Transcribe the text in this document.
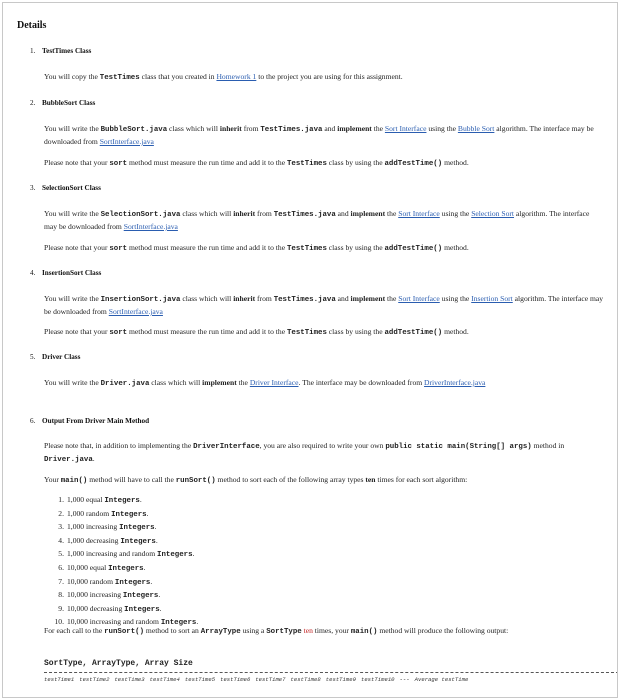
Details
1. TestTimes Class
You will copy the TestTimes class that you created in Homework 1 to the project you are using for this assignment.
2. BubbleSort Class
You will write the BubbleSort.java class which will inherit from TestTimes.java and implement the Sort Interface using the Bubble Sort algorithm. The interface may be downloaded from SortInterface.java
Please note that your sort method must measure the run time and add it to the TestTimes class by using the addTestTime() method.
3. SelectionSort Class
You will write the SelectionSort.java class which will inherit from TestTimes.java and implement the Sort Interface using the Selection Sort algorithm. The interface may be downloaded from SortInterface.java
Please note that your sort method must measure the run time and add it to the TestTimes class by using the addTestTime() method.
4. InsertionSort Class
You will write the InsertionSort.java class which will inherit from TestTimes.java and implement the Sort Interface using the Insertion Sort algorithm. The interface may be downloaded from SortInterface.java
Please note that your sort method must measure the run time and add it to the TestTimes class by using the addTestTime() method.
5. Driver Class
You will write the Driver.java class which will implement the Driver Interface. The interface may be downloaded from DriverInterface.java
6. Output From Driver Main Method
Please note that, in addition to implementing the DriverInterface, you are also required to write your own public static main(String[] args) method in Driver.java.
Your main() method will have to call the runSort() method to sort each of the following array types ten times for each sort algorithm:
1. 1,000 equal Integers.
2. 1,000 random Integers.
3. 1,000 increasing Integers.
4. 1,000 decreasing Integers.
5. 1,000 increasing and random Integers.
6. 10,000 equal Integers.
7. 10,000 random Integers.
8. 10,000 increasing Integers.
9. 10,000 decreasing Integers.
10. 10,000 increasing and random Integers.
For each call to the runSort() method to sort an ArrayType using a SortType ten times, your main() method will produce the following output:
SortType, ArrayType, Array Size
testTime1 testTime2 testTime3 testTime4 testTime5 testTime6 testTime7 testTime8 testTime9 testTime10 --- Average testTime
